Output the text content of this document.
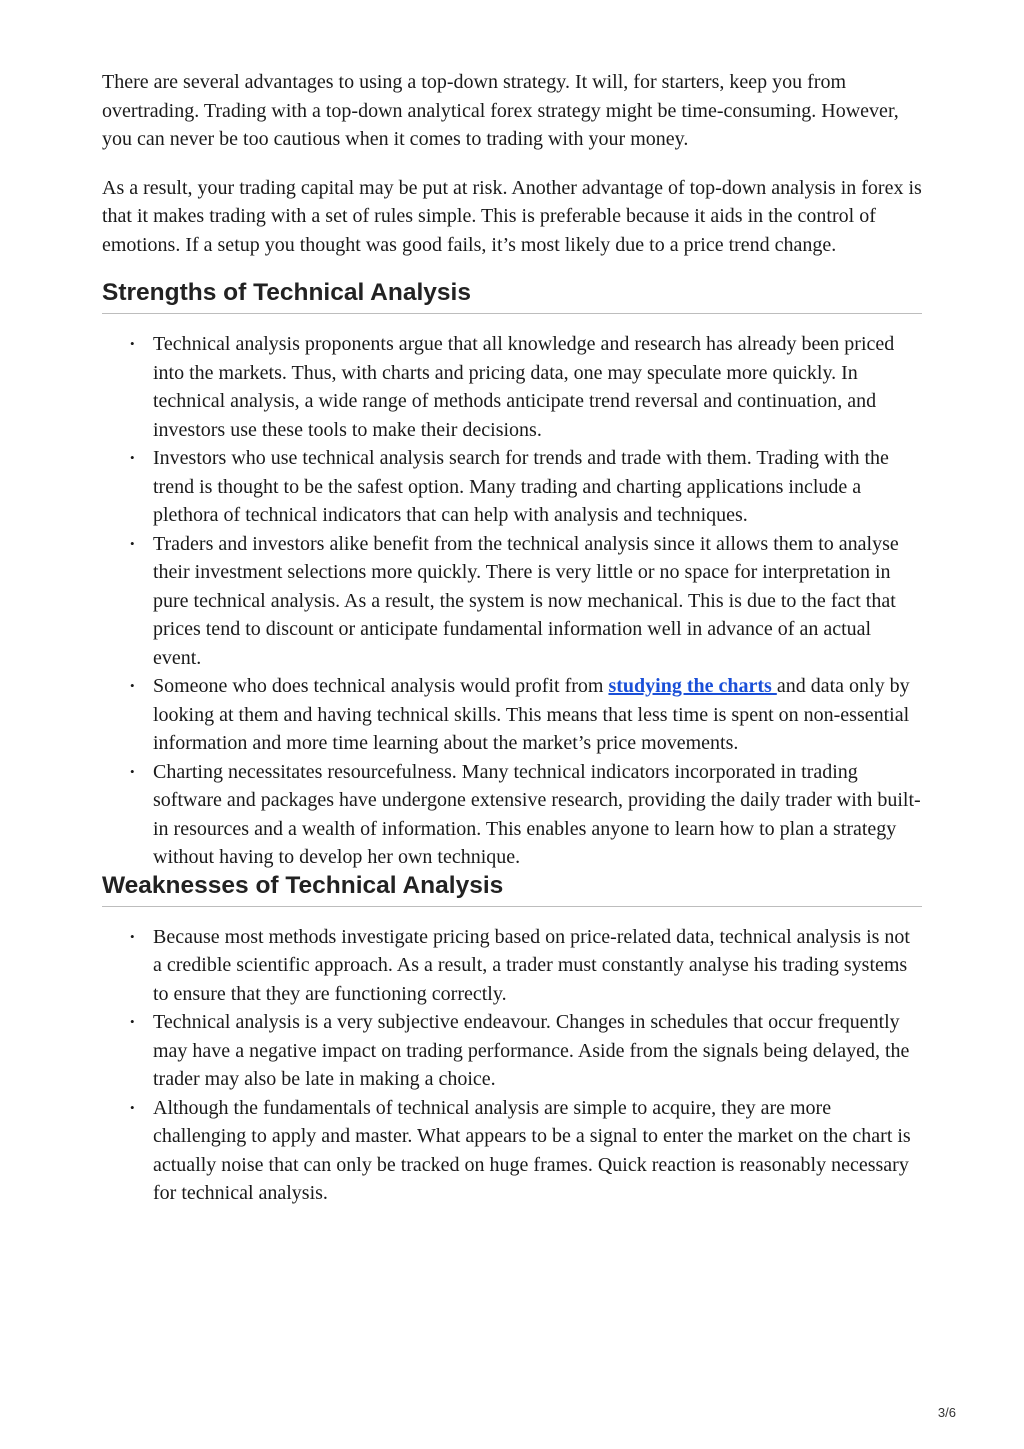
There are several advantages to using a top-down strategy. It will, for starters, keep you from overtrading. Trading with a top-down analytical forex strategy might be time-consuming. However, you can never be too cautious when it comes to trading with your money.

As a result, your trading capital may be put at risk. Another advantage of top-down analysis in forex is that it makes trading with a set of rules simple. This is preferable because it aids in the control of emotions. If a setup you thought was good fails, it’s most likely due to a price trend change.

Strengths of Technical Analysis
• Technical analysis proponents argue that all knowledge and research has already been priced into the markets. Thus, with charts and pricing data, one may speculate more quickly. In technical analysis, a wide range of methods anticipate trend reversal and continuation, and investors use these tools to make their decisions.
• Investors who use technical analysis search for trends and trade with them. Trading with the trend is thought to be the safest option. Many trading and charting applications include a plethora of technical indicators that can help with analysis and techniques.
• Traders and investors alike benefit from the technical analysis since it allows them to analyse their investment selections more quickly. There is very little or no space for interpretation in pure technical analysis. As a result, the system is now mechanical. This is due to the fact that prices tend to discount or anticipate fundamental information well in advance of an actual event.
• Someone who does technical analysis would profit from studying the charts and data only by looking at them and having technical skills. This means that less time is spent on non-essential information and more time learning about the market’s price movements.
• Charting necessitates resourcefulness. Many technical indicators incorporated in trading software and packages have undergone extensive research, providing the daily trader with built-in resources and a wealth of information. This enables anyone to learn how to plan a strategy without having to develop her own technique.
Weaknesses of Technical Analysis
• Because most methods investigate pricing based on price-related data, technical analysis is not a credible scientific approach. As a result, a trader must constantly analyse his trading systems to ensure that they are functioning correctly.
• Technical analysis is a very subjective endeavour. Changes in schedules that occur frequently may have a negative impact on trading performance. Aside from the signals being delayed, the trader may also be late in making a choice.
• Although the fundamentals of technical analysis are simple to acquire, they are more challenging to apply and master. What appears to be a signal to enter the market on the chart is actually noise that can only be tracked on huge frames. Quick reaction is reasonably necessary for technical analysis.
3/6
